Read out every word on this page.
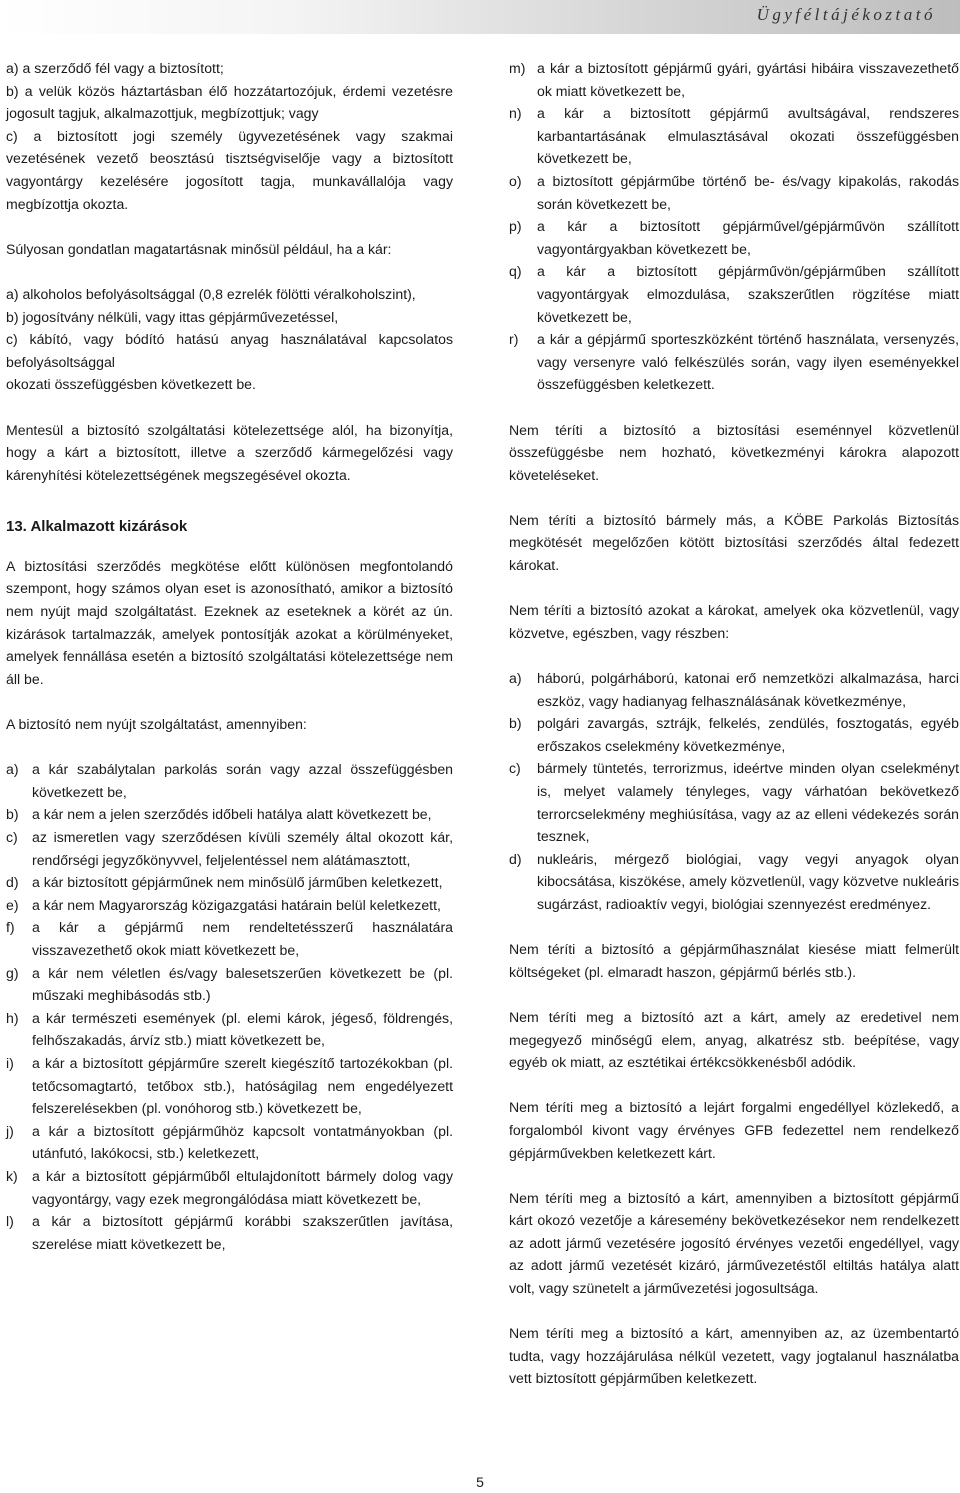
Ügyféltájékoztató
a) a szerződő fél vagy a biztosított;
b) a velük közös háztartásban élő hozzátartozójuk, érdemi vezetésre jogosult tagjuk, alkalmazottjuk, megbízottjuk; vagy
c) a biztosított jogi személy ügyvezetésének vagy szakmai vezetésének vezető beosztású tisztségviselője vagy a biztosított vagyontárgy kezelésére jogosított tagja, munkavállalója vagy megbízottja okozta.
Súlyosan gondatlan magatartásnak minősül például, ha a kár:
a) alkoholos befolyásoltsággal (0,8 ezrelék fölötti véralkoholszint),
b) jogosítvány nélküli, vagy ittas gépjárművezetéssel,
c) kábító, vagy bódító hatású anyag használatával kapcsolatos befolyásoltsággal
okozati összefüggésben következett be.
Mentesül a biztosító szolgáltatási kötelezettsége alól, ha bizonyítja, hogy a kárt a biztosított, illetve a szerződő kármegelőzési vagy kárenyhítési kötelezettségének megszegésével okozta.
13. Alkalmazott kizárások
A biztosítási szerződés megkötése előtt különösen megfontolandó szempont, hogy számos olyan eset is azonosítható, amikor a biztosító nem nyújt majd szolgáltatást. Ezeknek az eseteknek a körét az ún. kizárások tartalmazzák, amelyek pontosítják azokat a körülményeket, amelyek fennállása esetén a biztosító szolgáltatási kötelezettsége nem áll be.
A biztosító nem nyújt szolgáltatást, amennyiben:
a) a kár szabálytalan parkolás során vagy azzal összefüggésben következett be,
b) a kár nem a jelen szerződés időbeli hatálya alatt következett be,
c)	az ismeretlen vagy szerződésen kívüli személy által okozott kár, rendőrségi jegyzőkönyvvel, feljelentéssel nem alátámasztott,
d) a kár biztosított gépjárműnek nem minősülő járműben keletkezett,
e) a kár nem Magyarország közigazgatási határain belül keletkezett,
f)	a kár a gépjármű nem rendeltetésszerű használatára visszavezethető okok miatt következett be,
g) a kár nem véletlen és/vagy balesetszerűen következett be (pl. műszaki meghibásodás stb.)
h) a kár természeti események (pl. elemi károk, jégeső, földrengés, felhőszakadás, árvíz stb.) miatt következett be,
i)	a kár a biztosított gépjárműre szerelt kiegészítő tartozékokban (pl. tetőcsomagtartó, tetőbox stb.), hatóságilag nem engedélyezett felszerelésekben (pl. vonóhorog stb.) következett be,
j)	a kár a biztosított gépjárműhöz kapcsolt vontatmányokban (pl. utánfutó, lakókocsi, stb.) keletkezett,
k)	a kár a biztosított gépjárműből eltulajdonított bármely dolog vagy vagyontárgy, vagy ezek megrongálódása miatt következett be,
l)	a kár a biztosított gépjármű korábbi szakszerűtlen javítása, szerelése miatt következett be,
m) a kár a biztosított gépjármű gyári, gyártási hibáira visszavezethető ok miatt következett be,
n)	a kár a biztosított gépjármű avultságával, rendszeres karbantartásának elmulasztásával okozati összefüggésben következett be,
o)	a biztosított gépjárműbe történő be- és/vagy kipakolás, rakodás során következett be,
p)	a kár a biztosított gépjárművel/gépjárművön szállított vagyontárgyakban következett be,
q)	a kár a biztosított gépjárművön/gépjárműben szállított vagyontárgyak elmozdulása, szakszerűtlen rögzítése miatt következett be,
r)	a kár a gépjármű sporteszközként történő használata, versenyzés, vagy versenyre való felkészülés során, vagy ilyen eseményekkel összefüggésben keletkezett.
Nem téríti a biztosító a biztosítási eseménnyel közvetlenül összefüggésbe nem hozható, következményi károkra alapozott követeléseket.
Nem téríti a biztosító bármely más, a KÖBE Parkolás Biztosítás megkötését megelőzően kötött biztosítási szerződés által fedezett károkat.
Nem téríti a biztosító azokat a károkat, amelyek oka közvetlenül, vagy közvetve, egészben, vagy részben:
a)	háború, polgárháború, katonai erő nemzetközi alkalmazása, harci eszköz, vagy hadianyag felhasználásának következménye,
b)	polgári zavargás, sztrájk, felkelés, zendülés, fosztogatás, egyéb erőszakos cselekmény következménye,
c)	bármely tüntetés, terrorizmus, ideértve minden olyan cselekményt is, melyet valamely tényleges, vagy várhatóan bekövetkező terrorcselekmény meghiúsítása, vagy az az elleni védekezés során tesznek,
d)	nukleáris, mérgező biológiai, vagy vegyi anyagok olyan kibocsátása, kiszökése, amely közvetlenül, vagy közvetve nukleáris sugárzást, radioaktív vegyi, biológiai szennyezést eredményez.
Nem téríti a biztosító a gépjárműhasználat kiesése miatt felmerült költségeket (pl. elmaradt haszon, gépjármű bérlés stb.).
Nem téríti meg a biztosító azt a kárt, amely az eredetivel nem megegyező minőségű elem, anyag, alkatrész stb. beépítése, vagy egyéb ok miatt, az esztétikai értékcsökkenésből adódik.
Nem téríti meg a biztosító a lejárt forgalmi engedéllyel közlekedő, a forgalomból kivont vagy érvényes GFB fedezettel nem rendelkező gépjárművekben keletkezett kárt.
Nem téríti meg a biztosító a kárt, amennyiben a biztosított gépjármű kárt okozó vezetője a káresemény bekövetkezésekor nem rendelkezett az adott jármű vezetésére jogosító érvényes vezetői engedéllyel, vagy az adott jármű vezetését kizáró, járművezetéstől eltiltás hatálya alatt volt, vagy szünetelt a járművezetési jogosultsága.
Nem téríti meg a biztosító a kárt, amennyiben az, az üzembentartó tudta, vagy hozzájárulása nélkül vezetett, vagy jogtalanul használatba vett biztosított gépjárműben keletkezett.
5
